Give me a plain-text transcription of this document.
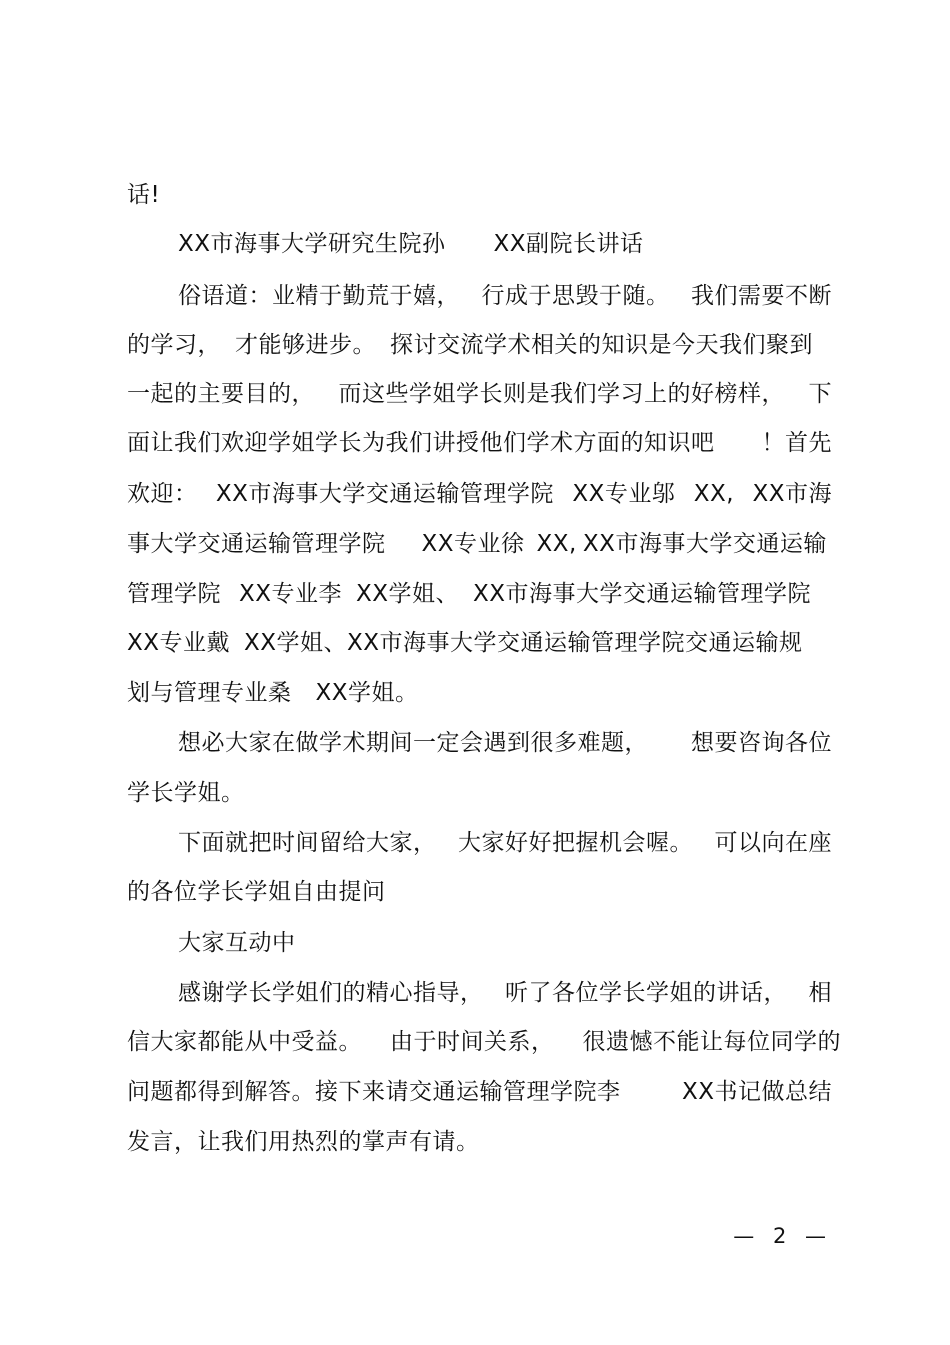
话!
XX市海事大学研究生院孙 XX副院长讲话
俗语道：业精于勤荒于嬉， 行成于思毁于随。 我们需要不断
的学习， 才能够进步。 探讨交流学术相关的知识是今天我们聚到
一起的主要目的， 而这些学姐学长则是我们学习上的好榜样， 下
面让我们欢迎学姐学长为我们讲授他们学术方面的知识吧 ！首先
欢迎： XX市海事大学交通运输管理学院 XX专业邬 XX, XX市海
事大学交通运输管理学院 XX专业徐 XX, XX市海事大学交通运输
管理学院 XX专业李 XX学姐、 XX市海事大学交通运输管理学院
XX专业戴 XX学姐、XX市海事大学交通运输管理学院交通运输规
划与管理专业桑 XX学姐。
想必大家在做学术期间一定会遇到很多难题， 想要咨询各位
学长学姐。
下面就把时间留给大家， 大家好好把握机会喔。 可以向在座
的各位学长学姐自由提问
大家互动中
感谢学长学姐们的精心指导， 听了各位学长学姐的讲话， 相
信大家都能从中受益。 由于时间关系， 很遗憾不能让每位同学的
问题都得到解答。接下来请交通运输管理学院李	XX书记做总结
发言，让我们用热烈的掌声有请。
— 2 —
